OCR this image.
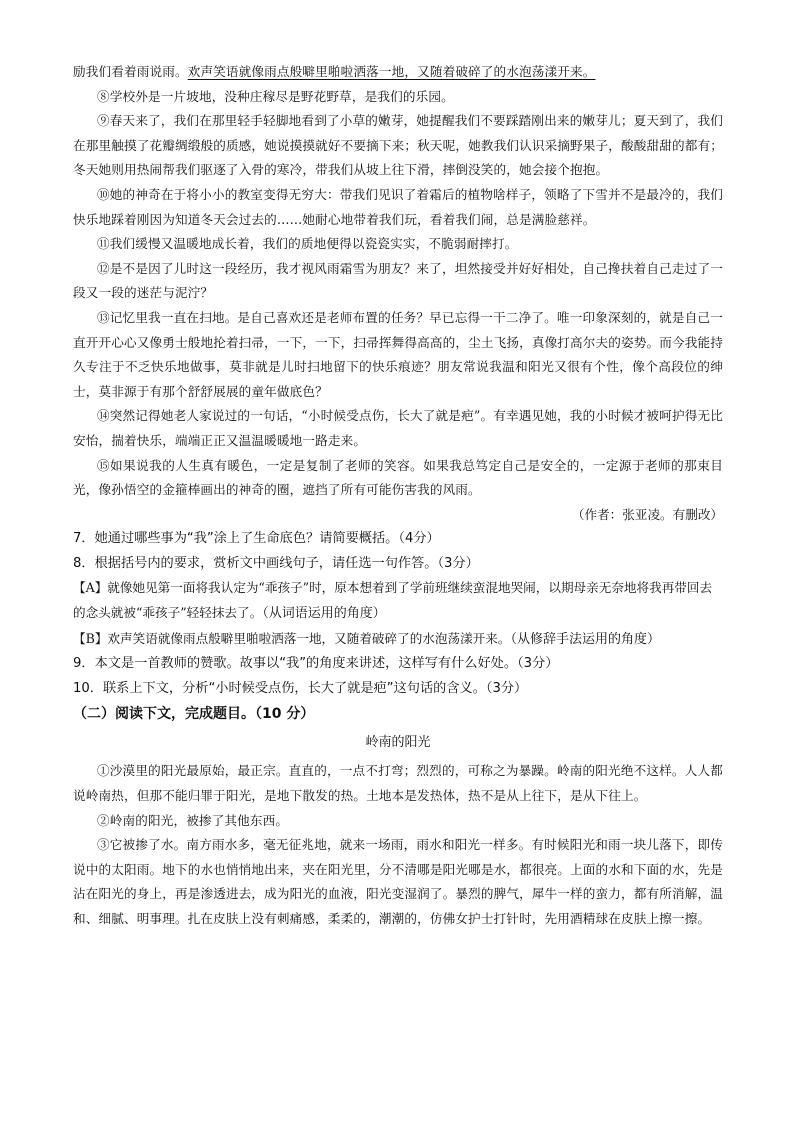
励我们看着雨说雨。欢声笑语就像雨点般噼里啪啦洒落一地，又随着破碎了的水泡荡漾开来。

⑧学校外是一片坡地，没种庄稼尽是野花野草，是我们的乐园。

⑨春天来了，我们在那里轻手轻脚地看到了小草的嫩芽，她提醒我们不要踩踏刚出来的嫩芽儿；夏天到了，我们在那里触摸了花瓣绸缎般的质感，她说摸摸就好不要摘下来；秋天呢，她教我们认识采摘野果子，酸酸甜甜的都有；冬天她则用热闹帮我们驱逐了入骨的寒冷，带我们从坡上往下滑，摔倒没笑的，她会接个抱抱。

⑩她的神奇在于将小小的教室变得无穷大：带我们见识了着霜后的植物啥样子，领略了下雪并不是最冷的，我们快乐地踩着刚因为知道冬天会过去的……她耐心地带着我们玩，看着我们闹，总是满脸慈祥。

⑪我们缓慢又温暖地成长着，我们的质地便得以瓷瓷实实，不脆弱耐摔打。

⑫是不是因了儿时这一段经历，我才视风雨霜雪为朋友？来了，坦然接受并好好相处，自己搀扶着自己走过了一段又一段的迷茫与泥泞？

⑬记忆里我一直在扫地。是自己喜欢还是老师布置的任务？早已忘得一干二净了。唯一印象深刻的，就是自己一直开开心心又像勇士般地抡着扫帚，一下，一下，扫帚挥舞得高高的，尘土飞扬，真像打高尔夫的姿势。而今我能持久专注于不乏快乐地做事，莫非就是儿时扫地留下的快乐痕迹？朋友常说我温和阳光又很有个性，像个高段位的绅士，莫非源于有那个舒舒展展的童年做底色？

⑭突然记得她老人家说过的一句话，“小时候受点伤，长大了就是疤”。有幸遇见她，我的小时候才被呵护得无比安怡，揣着快乐，端端正正又温温暖暖地一路走来。

⑮如果说我的人生真有暖色，一定是复制了老师的笑容。如果我总笃定自己是安全的，一定源于老师的那束目光，像孙悟空的金箍棒画出的神奇的圈，遮挡了所有可能伤害我的风雨。

（作者：张亚凌。有删改）

7．她通过哪些事为“我”涂上了生命底色？请简要概括。（4分）

8．根据括号内的要求，赏析文中画线句子，请任选一句作答。（3分）

【A】就像她见第一面将我认定为“乖孩子”时，原本想着到了学前班继续蛮混地哭闹，以期母亲无奈地将我再带回去的念头就被“乖孩子”轻轻抹去了。（从词语运用的角度）

【B】欢声笑语就像雨点般噼里啪啦洒落一地，又随着破碎了的水泡荡漾开来。（从修辞手法运用的角度）

9．本文是一首教师的赞歌。故事以“我”的角度来讲述，这样写有什么好处。（3分）

10．联系上下文，分析“小时候受点伤，长大了就是疤”这句话的含义。（3分）

（二）阅读下文，完成题目。（10 分）

岭南的阳光

①沙漠里的阳光最原始，最正宗。直直的，一点不打弯；烈烈的，可称之为暴躁。岭南的阳光绝不这样。人人都说岭南热，但那不能归罪于阳光，是地下散发的热。土地本是发热体，热不是从上往下，是从下往上。

②岭南的阳光，被掺了其他东西。

③它被掺了水。南方雨水多，毫无征兆地，就来一场雨，雨水和阳光一样多。有时候阳光和雨一块儿落下，即传说中的太阳雨。地下的水也悄悄地出来，夹在阳光里，分不清哪是阳光哪是水，都很亮。上面的水和下面的水，先是沾在阳光的身上，再是渗透进去，成为阳光的血液，阳光变湿润了。暴烈的脾气，犀牛一样的蛮力，都有所消解，温和、细腻、明事理。扎在皮肤上没有刺痛感，柔柔的，潮潮的，仿佛女护士打针时，先用酒精球在皮肤上擦一擦。
